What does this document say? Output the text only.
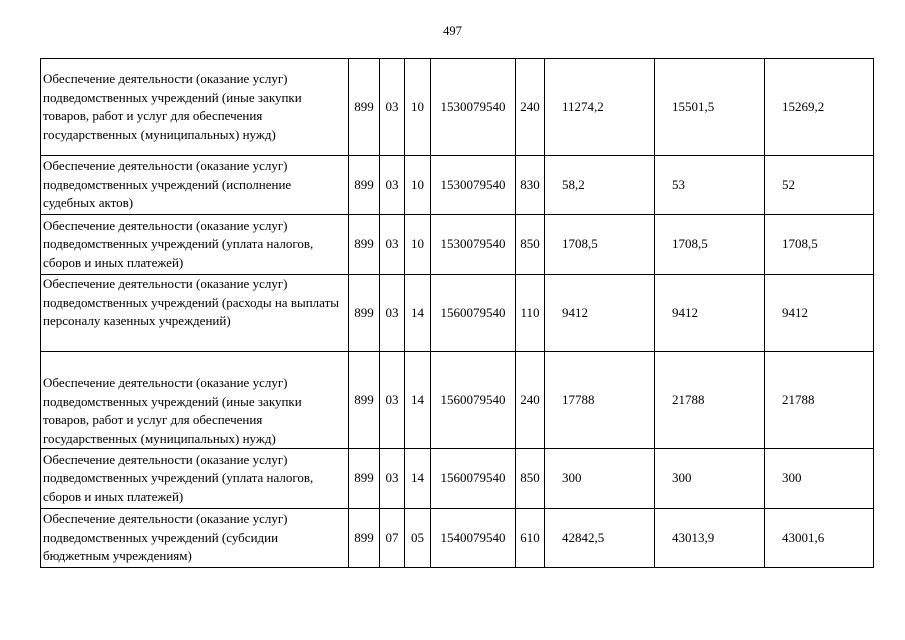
497
Обеспечение деятельности (оказание услуг) подведомственных учреждений (иные закупки товаров, работ и услуг для обеспечения государственных (муниципальных) нужд)	899	03	10	1530079540	240	11274,2	15501,5	15269,2
Обеспечение деятельности (оказание услуг) подведомственных учреждений (исполнение судебных актов)	899	03	10	1530079540	830	58,2	53	52
Обеспечение деятельности (оказание услуг) подведомственных учреждений (уплата налогов, сборов и иных платежей)	899	03	10	1530079540	850	1708,5	1708,5	1708,5
Обеспечение деятельности (оказание услуг) подведомственных учреждений (расходы на выплаты персоналу казенных учреждений)	899	03	14	1560079540	110	9412	9412	9412
Обеспечение деятельности (оказание услуг) подведомственных учреждений (иные закупки товаров, работ и услуг для обеспечения государственных (муниципальных) нужд)	899	03	14	1560079540	240	17788	21788	21788
Обеспечение деятельности (оказание услуг) подведомственных учреждений (уплата налогов, сборов и иных платежей)	899	03	14	1560079540	850	300	300	300
Обеспечение деятельности (оказание услуг) подведомственных учреждений (субсидии бюджетным учреждениям)	899	07	05	1540079540	610	42842,5	43013,9	43001,6
